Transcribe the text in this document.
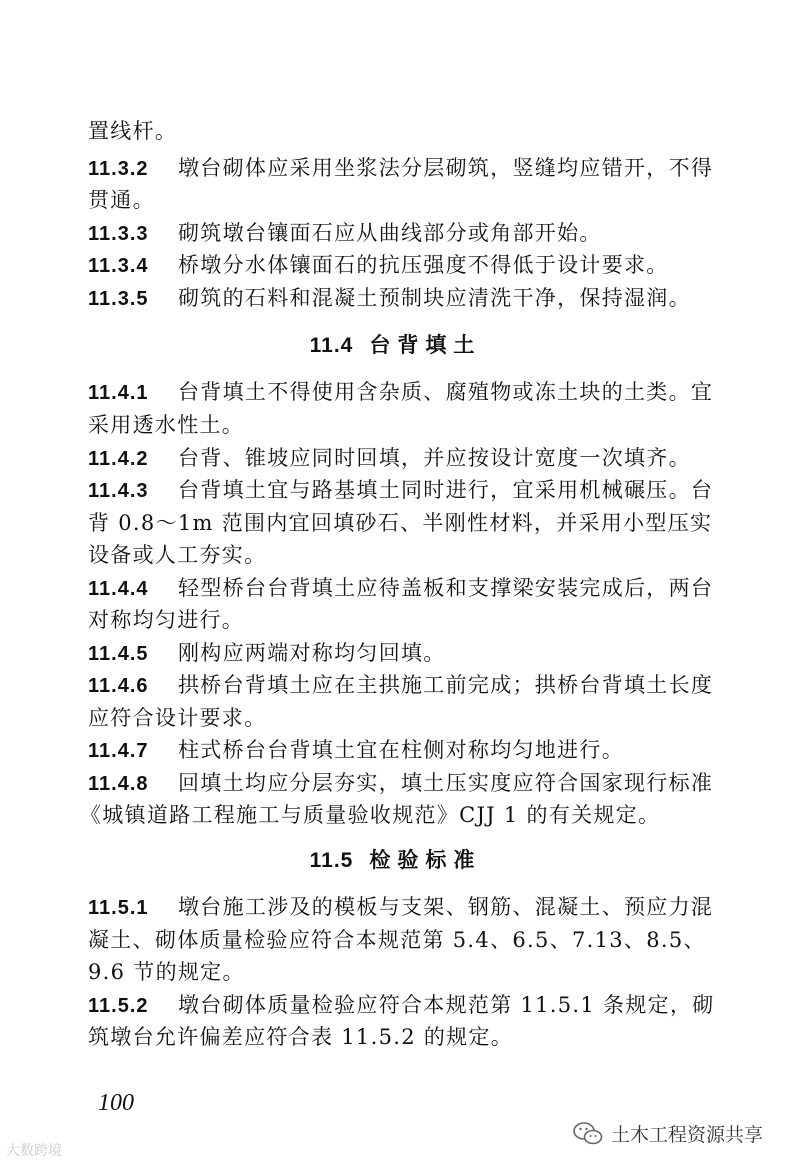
置线杆。
11.3.2 墩台砌体应采用坐浆法分层砌筑，竖缝均应错开，不得
贯通。
11.3.3 砌筑墩台镶面石应从曲线部分或角部开始。
11.3.4 桥墩分水体镶面石的抗压强度不得低于设计要求。
11.3.5 砌筑的石料和混凝土预制块应清洗干净，保持湿润。
11.4 台背填土
11.4.1 台背填土不得使用含杂质、腐殖物或冻土块的土类。宜
采用透水性土。
11.4.2 台背、锥坡应同时回填，并应按设计宽度一次填齐。
11.4.3 台背填土宜与路基填土同时进行，宜采用机械碾压。台
背 0.8～1m 范围内宜回填砂石、半刚性材料，并采用小型压实
设备或人工夯实。
11.4.4 轻型桥台台背填土应待盖板和支撑梁安装完成后，两台
对称均匀进行。
11.4.5 刚构应两端对称均匀回填。
11.4.6 拱桥台背填土应在主拱施工前完成；拱桥台背填土长度
应符合设计要求。
11.4.7 柱式桥台台背填土宜在柱侧对称均匀地进行。
11.4.8 回填土均应分层夯实，填土压实度应符合国家现行标准
《城镇道路工程施工与质量验收规范》CJJ 1 的有关规定。
11.5 检验标准
11.5.1 墩台施工涉及的模板与支架、钢筋、混凝土、预应力混
凝土、砌体质量检验应符合本规范第 5.4、6.5、7.13、8.5、
9.6 节的规定。
11.5.2 墩台砌体质量检验应符合本规范第 11.5.1 条规定，砌
筑墩台允许偏差应符合表 11.5.2 的规定。
100
大数跨境
土木工程资源共享
